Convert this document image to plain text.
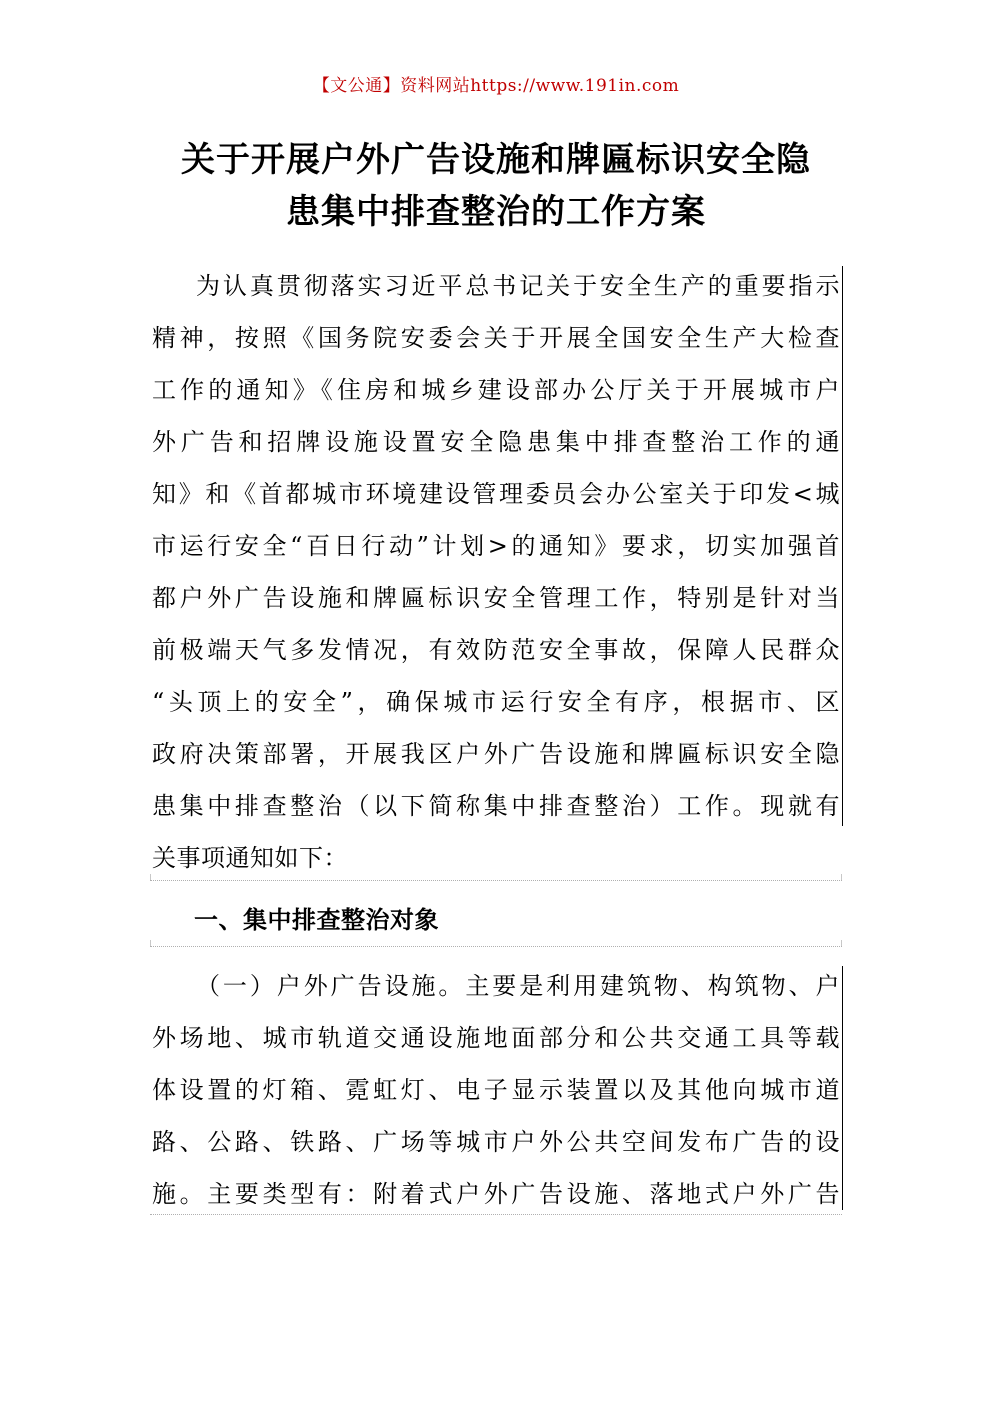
【文公通】资料网站https://www.191in.com
关于开展户外广告设施和牌匾标识安全隐
患集中排查整治的工作方案
为认真贯彻落实习近平总书记关于安全生产的重要指示
精神，按照《国务院安委会关于开展全国安全生产大检查
工作的通知》《住房和城乡建设部办公厅关于开展城市户
外广告和招牌设施设置安全隐患集中排查整治工作的通
知》和《首都城市环境建设管理委员会办公室关于印发<城
市运行安全“百日行动”计划>的通知》要求，切实加强首
都户外广告设施和牌匾标识安全管理工作，特别是针对当
前极端天气多发情况，有效防范安全事故，保障人民群众
“头顶上的安全”，确保城市运行安全有序，根据市、区
政府决策部署，开展我区户外广告设施和牌匾标识安全隐
患集中排查整治（以下简称集中排查整治）工作。现就有
关事项通知如下：
一、集中排查整治对象
（一）户外广告设施。主要是利用建筑物、构筑物、户
外场地、城市轨道交通设施地面部分和公共交通工具等载
体设置的灯箱、霓虹灯、电子显示装置以及其他向城市道
路、公路、铁路、广场等城市户外公共空间发布广告的设
施。主要类型有：附着式户外广告设施、落地式户外广告
